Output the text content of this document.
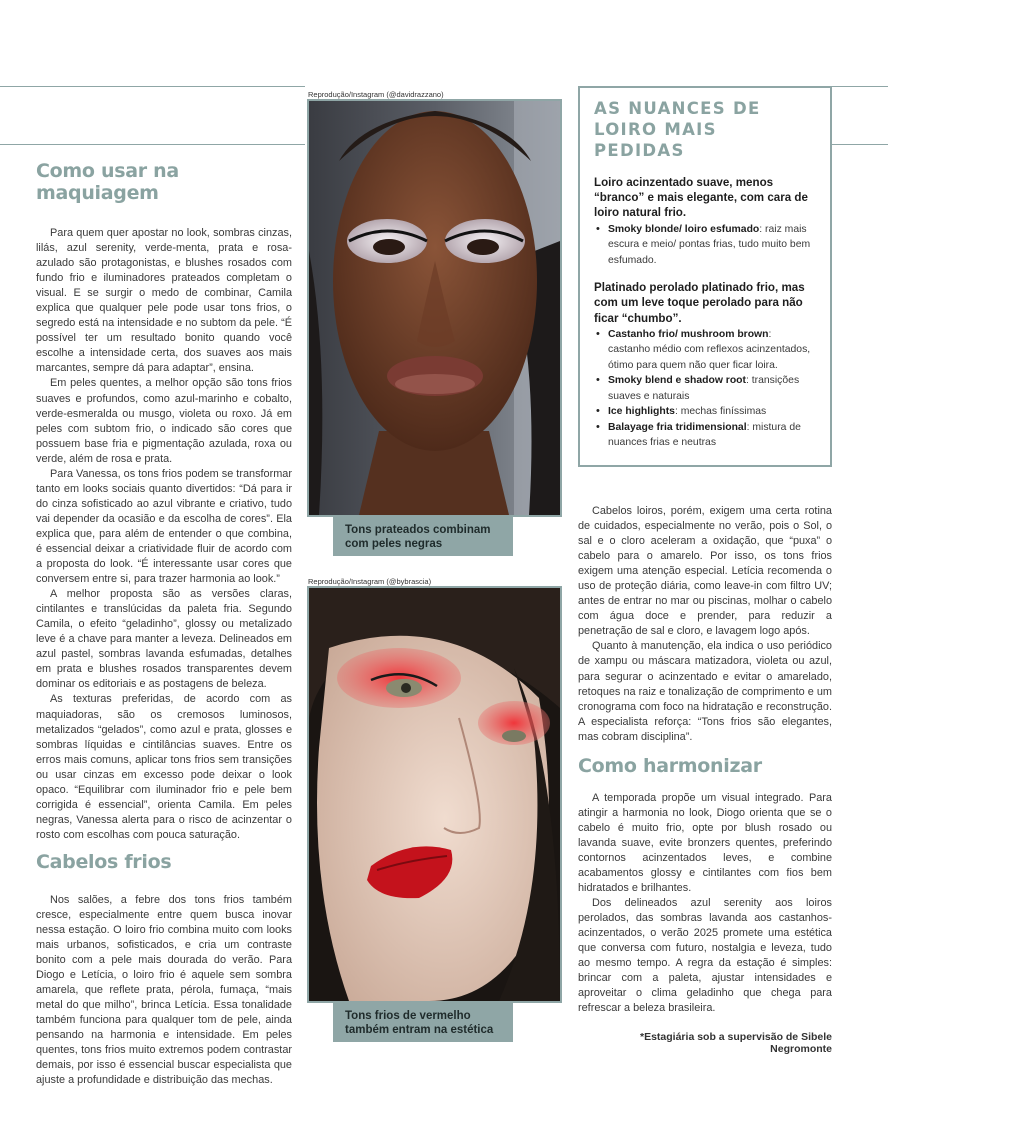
Como usar na maquiagem

Para quem quer apostar no look, sombras cinzas, lilás, azul serenity, verde-menta, prata e rosa-azulado são protagonistas, e blushes rosados com fundo frio e iluminadores prateados completam o visual. E se surgir o medo de combinar, Camila explica que qualquer pele pode usar tons frios, o segredo está na intensidade e no subtom da pele. “É possível ter um resultado bonito quando você escolhe a intensidade certa, dos suaves aos mais marcantes, sempre dá para adaptar”, ensina.

Em peles quentes, a melhor opção são tons frios suaves e profundos, como azul-marinho e cobalto, verde-esmeralda ou musgo, violeta ou roxo. Já em peles com subtom frio, o indicado são cores que possuem base fria e pigmentação azulada, roxa ou verde, além de rosa e prata.

Para Vanessa, os tons frios podem se transformar tanto em looks sociais quanto divertidos: “Dá para ir do cinza sofisticado ao azul vibrante e criativo, tudo vai depender da ocasião e da escolha de cores”. Ela explica que, para além de entender o que combina, é essencial deixar a criatividade fluir de acordo com a proposta do look. “É interessante usar cores que conversem entre si, para trazer harmonia ao look.”

A melhor proposta são as versões claras, cintilantes e translúcidas da paleta fria. Segundo Camila, o efeito “geladinho”, glossy ou metalizado leve é a chave para manter a leveza. Delineados em azul pastel, sombras lavanda esfumadas, detalhes em prata e blushes rosados transparentes devem dominar os editoriais e as postagens de beleza.

As texturas preferidas, de acordo com as maquiadoras, são os cremosos luminosos, metalizados “gelados”, como azul e prata, glosses e sombras líquidas e cintilâncias suaves. Entre os erros mais comuns, aplicar tons frios sem transições ou usar cinzas em excesso pode deixar o look opaco. “Equilibrar com iluminador frio e pele bem corrigida é essencial”, orienta Camila. Em peles negras, Vanessa alerta para o risco de acinzentar o rosto com escolhas com pouca saturação.

Cabelos frios

Nos salões, a febre dos tons frios também cresce, especialmente entre quem busca inovar nessa estação. O loiro frio combina muito com looks mais urbanos, sofisticados, e cria um contraste bonito com a pele mais dourada do verão. Para Diogo e Letícia, o loiro frio é aquele sem sombra amarela, que reflete prata, pérola, fumaça, “mais metal do que milho”, brinca Letícia. Essa tonalidade também funciona para qualquer tom de pele, ainda pensando na harmonia e intensidade. Em peles quentes, tons frios muito extremos podem contrastar demais, por isso é essencial buscar especialista que ajuste a profundidade e distribuição das mechas.

Reprodução/Instagram (@davidrazzano)
Tons prateados combinam com peles negras
Reprodução/Instagram (@bybrascia)
Tons frios de vermelho também entram na estética
AS NUANCES DE LOIRO MAIS PEDIDAS

Loiro acinzentado suave, menos “branco” e mais elegante, com cara de loiro natural frio.

• Smoky blonde/ loiro esfumado: raiz mais escura e meio/ pontas frias, tudo muito bem esfumado.

Platinado perolado platinado frio, mas com um leve toque perolado para não ficar “chumbo”.

• Castanho frio/ mushroom brown: castanho médio com reflexos acinzentados, ótimo para quem não quer ficar loira.
• Smoky blend e shadow root: transições suaves e naturais
• Ice highlights: mechas finíssimas
• Balayage fria tridimensional: mistura de nuances frias e neutras

Cabelos loiros, porém, exigem uma certa rotina de cuidados, especialmente no verão, pois o Sol, o sal e o cloro aceleram a oxidação, que “puxa” o cabelo para o amarelo. Por isso, os tons frios exigem uma atenção especial. Letícia recomenda o uso de proteção diária, como leave-in com filtro UV; antes de entrar no mar ou piscinas, molhar o cabelo com água doce e prender, para reduzir a penetração de sal e cloro, e lavagem logo após.

Quanto à manutenção, ela indica o uso periódico de xampu ou máscara matizadora, violeta ou azul, para segurar o acinzentado e evitar o amarelado, retoques na raiz e tonalização de comprimento e um cronograma com foco na hidratação e reconstrução. A especialista reforça: “Tons frios são elegantes, mas cobram disciplina”.

Como harmonizar

A temporada propõe um visual integrado. Para atingir a harmonia no look, Diogo orienta que se o cabelo é muito frio, opte por blush rosado ou lavanda suave, evite bronzers quentes, preferindo contornos acinzentados leves, e combine acabamentos glossy e cintilantes com fios bem hidratados e brilhantes.

Dos delineados azul serenity aos loiros perolados, das sombras lavanda aos castanhos-acinzentados, o verão 2025 promete uma estética que conversa com futuro, nostalgia e leveza, tudo ao mesmo tempo. A regra da estação é simples: brincar com a paleta, ajustar intensidades e aproveitar o clima geladinho que chega para refrescar a beleza brasileira.

*Estagiária sob a supervisão de Sibele Negromonte
